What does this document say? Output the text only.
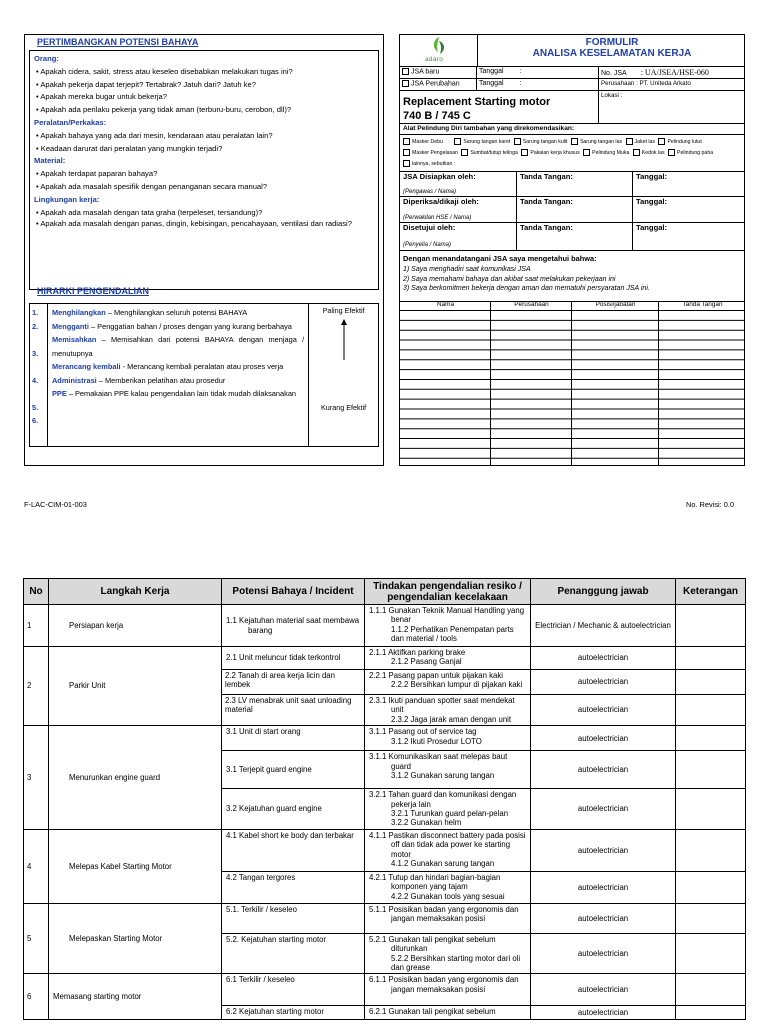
PERTIMBANGKAN POTENSI BAHAYA
Orang:
• Apakah cidera, sakit, stress atau keseleo disebabkan melakukan tugas ini?
• Apakah pekerja dapat terjepit? Tertabrak? Jatuh dari? Jatuh ke?
• Apakah mereka bugar untuk bekerja?
• Apakah ada perilaku pekerja yang tidak aman (terburu-buru, cerobon, dll)?
Peralatan/Perkakas:
• Apakah bahaya yang ada dari mesin, kendaraan atau peralatan lain?
• Keadaan darurat dari peralatan yang mungkin terjadi?
Material:
• Apakah terdapat paparan bahaya?
• Apakah ada masalah spesifik dengan penanganan secara manual?
Lingkungan kerja:
• Apakah ada masalah dengan tata graha (terpeleset, tersandung)?
• Apakah ada masalah dengan panas, dingin, kebisingan, pencahayaan, ventilasi dan radiasi?
HIRARKI PENGENDALIAN
1.
2.
3.
4.
5.
6.

Menghilangkan – Menghilangkan seluruh potensi BAHAYA
Mengganti – Penggatian bahan / proses dengan yang kurang berbahaya
Memisahkan – Memisahkan dari potensi BAHAYA dengan menjaga / menutupnya
Merancang kembali - Merancang kembali peralatan atau proses verja
Administrasi – Memberikan pelatihan atau prosedur
PPE – Pemakaian PPE kalau pengendalian lain tidak mudah dilaksanakan

Paling Efektif
Kurang Efektif
adaro
FORMULIR
ANALISA KESELAMATAN KERJA
JSA baru	Tanggal :	No. JSA : UA/JSEA/HSE-060
JSA Perubahan	Tanggal :	Perusahaan : PT. Uniteda Arkato
Replacement Starting motor
740 B / 745 C
Lokasi :
Alat Pelindung Diri tambahan yang direkomendasikan:
Masker Debu	Sarung tangan karet Sarung tangan kulit Sarung tangan las Jaket las Pelindung lutut
Masker Pengelasan Sumbat/tutup telinga Pakaian kerja khusus Pelindung Muka Kedok las Pelindung paha
lainnya, sebutkan :
JSA Disiapkan oleh:
(Pengawas / Nama)
Tanda Tangan:	Tanggal:
Diperiksa/dikaji oleh:
(Perwakilan HSE / Nama)
Tanda Tangan:	Tanggal:
Disetujui oleh:
(Penyelia / Nama)
Tanda Tangan:	Tanggal:
Dengan menandatangani JSA saya mengetahui bahwa:
1) Saya menghadiri saat komunikasi JSA
2) Saya memahami bahaya dan akibat saat melakukan pekerjaan ini
3) Saya berkomitmen bekerja dengan aman dan mematuhi persyaratan JSA ini.
Nama	Perusahaan	Posisi/jabatan	Tanda Tangan
F-LAC-CIM-01-003	No. Revisi: 0.0
No	Langkah Kerja	Potensi Bahaya / Incident	Tindakan pengendalian resiko / pengendalian kecelakaan	Penanggung jawab	Keterangan
1	Persiapan kerja	1.1 Kejatuhan material saat membawa barang	1.1.1 Gunakan Teknik Manual Handling yang benar
1.1.2 Perhatikan Penempatan parts dan material / tools	Electrician / Mechanic & autoelectrician	
2	Parkir Unit	2.1 Unit meluncur tidak terkontrol	2.1.1 Aktifkan parking brake
2.1.2 Pasang Ganjal	autoelectrician	
		2.2 Tanah di area kerja licin dan lembek	2.2.1 Pasang papan untuk pijakan kaki
2.2.2 Bersihkan lumpur di pijakan kaki	autoelectrician	
		2.3 LV menabrak unit saat unloading material	2.3.1 Ikuti panduan spotter saat mendekat unit
2.3.2 Jaga jarak aman dengan unit	autoelectrician	
3	Menurunkan engine guard	3.1 Unit di start orang	3.1.1 Pasang out of service tag
3.1.2 Ikuti Prosedur LOTO	autoelectrician	
		3.1 Terjepit guard engine	3.1.1 Komunikasikan saat melepas baut guard
3.1.2 Gunakan sarung tangan	autoelectrician	
		3.2 Kejatuhan guard engine	3.2.1 Tahan guard dan komunikasi dengan pekerja lain
3.2.1 Turunkan guard pelan-pelan
3.2.2 Gunakan helm	autoelectrician	
4	Melepas Kabel Starting Motor	4.1 Kabel short ke body dan terbakar	4.1.1 Pastikan disconnect battery pada posisi off dan tidak ada power ke starting motor
4.1.2 Gunakan sarung tangan	autoelectrician	
		4.2 Tangan tergores	4.2.1 Tutup dan hindari bagian-bagian komponen yang tajam
4.2.2 Gunakan tools yang sesuai	autoelectrician	
5	Melepaskan Starting Motor	5.1. Terkilir / keseleo	5.1.1 Posisikan badan yang ergonomis dan jangan memaksakan posisi	autoelectrician	
		5.2. Kejatuhan starting motor	5.2.1 Gunakan tali pengikat sebelum diturunkan
5.2.2 Bersihkan starting motor dari oli dan grease	autoelectrician	
6	Memasang starting motor	6.1 Terkilir / keseleo	6.1.1 Posisikan badan yang ergonomis dan jangan memaksakan posisi	autoelectrician	
		6.2 Kejatuhan starting motor	6.2.1 Gunakan tali pengikat sebelum	autoelectrician	
